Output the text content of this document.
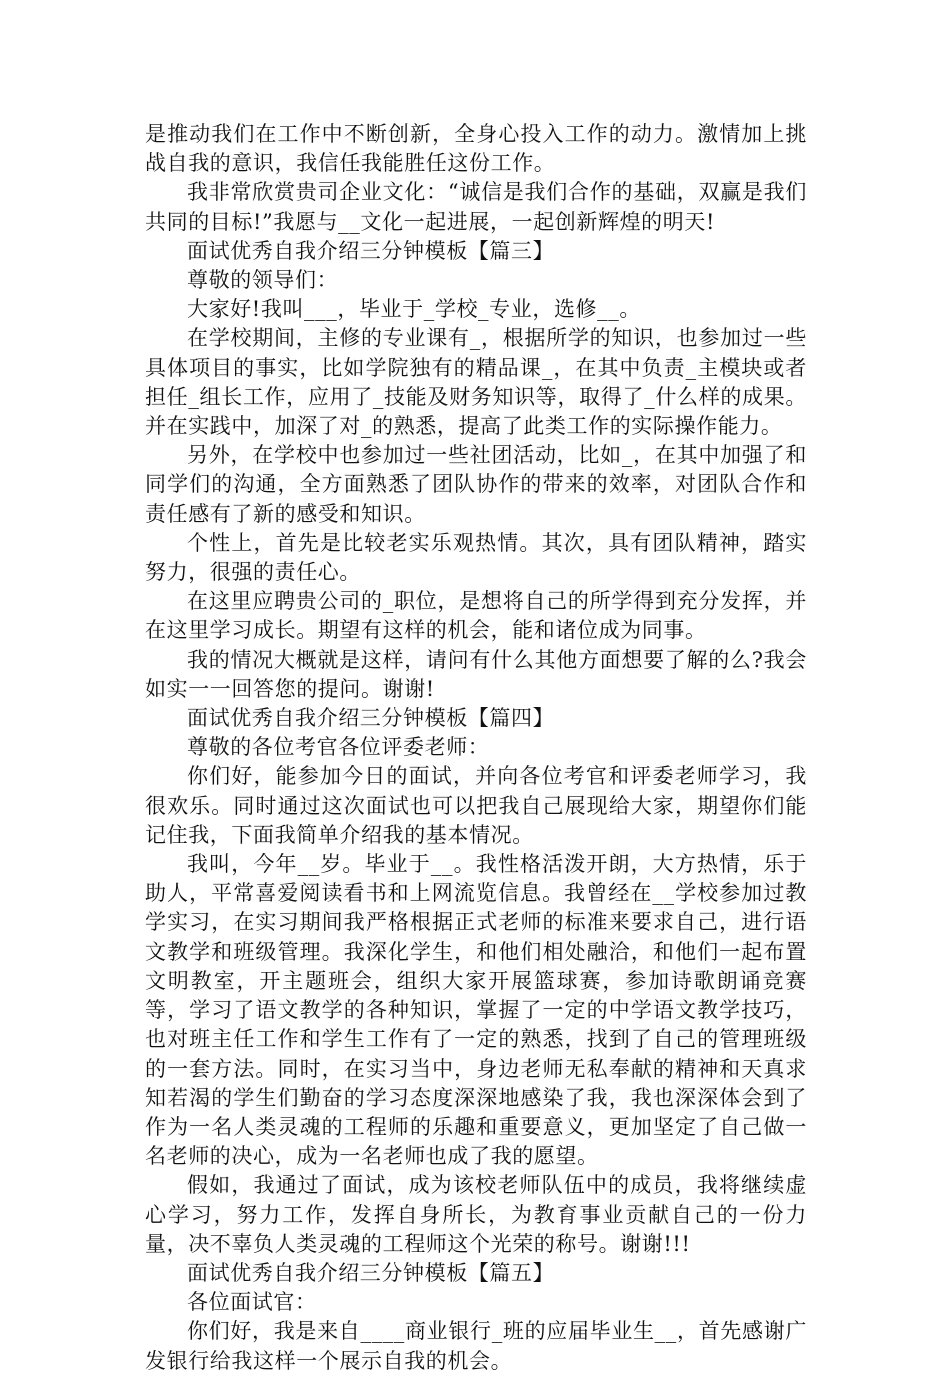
是推动我们在工作中不断创新，全身心投入工作的动力。激情加上挑战自我的意识，我信任我能胜任这份工作。

我非常欣赏贵司企业文化：“诚信是我们合作的基础，双赢是我们共同的目标!”我愿与__文化一起进展，一起创新辉煌的明天!

面试优秀自我介绍三分钟模板【篇三】

尊敬的领导们：

大家好!我叫___，毕业于_学校_专业，选修__。

在学校期间，主修的专业课有_，根据所学的知识，也参加过一些具体项目的事实，比如学院独有的精品课_，在其中负责_主模块或者担任_组长工作，应用了_技能及财务知识等，取得了_什么样的成果。并在实践中，加深了对_的熟悉，提高了此类工作的实际操作能力。

另外，在学校中也参加过一些社团活动，比如_，在其中加强了和同学们的沟通，全方面熟悉了团队协作的带来的效率，对团队合作和责任感有了新的感受和知识。

个性上，首先是比较老实乐观热情。其次，具有团队精神，踏实努力，很强的责任心。

在这里应聘贵公司的_职位，是想将自己的所学得到充分发挥，并在这里学习成长。期望有这样的机会，能和诸位成为同事。

我的情况大概就是这样，请问有什么其他方面想要了解的么?我会如实一一回答您的提问。谢谢!

面试优秀自我介绍三分钟模板【篇四】

尊敬的各位考官各位评委老师：

你们好，能参加今日的面试，并向各位考官和评委老师学习，我很欢乐。同时通过这次面试也可以把我自己展现给大家，期望你们能记住我，下面我简单介绍我的基本情况。

我叫，今年__岁。毕业于__。我性格活泼开朗，大方热情，乐于助人，平常喜爱阅读看书和上网流览信息。我曾经在__学校参加过教学实习，在实习期间我严格根据正式老师的标准来要求自己，进行语文教学和班级管理。我深化学生，和他们相处融洽，和他们一起布置文明教室，开主题班会，组织大家开展篮球赛，参加诗歌朗诵竞赛等，学习了语文教学的各种知识，掌握了一定的中学语文教学技巧，也对班主任工作和学生工作有了一定的熟悉，找到了自己的管理班级的一套方法。同时，在实习当中，身边老师无私奉献的精神和天真求知若渴的学生们勤奋的学习态度深深地感染了我，我也深深体会到了作为一名人类灵魂的工程师的乐趣和重要意义，更加坚定了自己做一名老师的决心，成为一名老师也成了我的愿望。

假如，我通过了面试，成为该校老师队伍中的成员，我将继续虚心学习，努力工作，发挥自身所长，为教育事业贡献自己的一份力量，决不辜负人类灵魂的工程师这个光荣的称号。谢谢!!!

面试优秀自我介绍三分钟模板【篇五】

各位面试官：

你们好，我是来自____商业银行_班的应届毕业生__，首先感谢广发银行给我这样一个展示自我的机会。
